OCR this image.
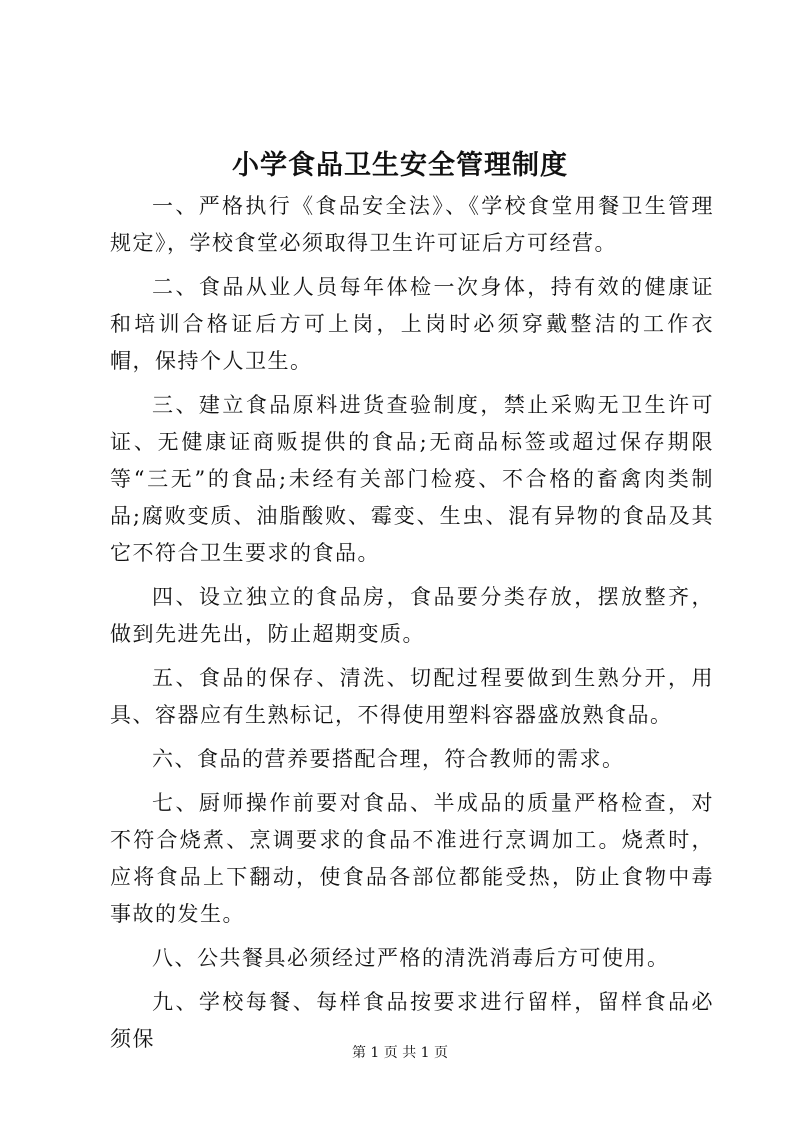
小学食品卫生安全管理制度

一、严格执行《食品安全法》、《学校食堂用餐卫生管理规定》，学校食堂必须取得卫生许可证后方可经营。

二、食品从业人员每年体检一次身体，持有效的健康证和培训合格证后方可上岗，上岗时必须穿戴整洁的工作衣帽，保持个人卫生。

三、建立食品原料进货查验制度，禁止采购无卫生许可证、无健康证商贩提供的食品;无商品标签或超过保存期限等“三无”的食品;未经有关部门检疫、不合格的畜禽肉类制品;腐败变质、油脂酸败、霉变、生虫、混有异物的食品及其它不符合卫生要求的食品。

四、设立独立的食品房，食品要分类存放，摆放整齐，做到先进先出，防止超期变质。

五、食品的保存、清洗、切配过程要做到生熟分开，用具、容器应有生熟标记，不得使用塑料容器盛放熟食品。

六、食品的营养要搭配合理，符合教师的需求。

七、厨师操作前要对食品、半成品的质量严格检查，对不符合烧煮、烹调要求的食品不准进行烹调加工。烧煮时，应将食品上下翻动，使食品各部位都能受热，防止食物中毒事故的发生。

八、公共餐具必须经过严格的清洗消毒后方可使用。

九、学校每餐、每样食品按要求进行留样，留样食品必须保

第 1 页 共 1 页
